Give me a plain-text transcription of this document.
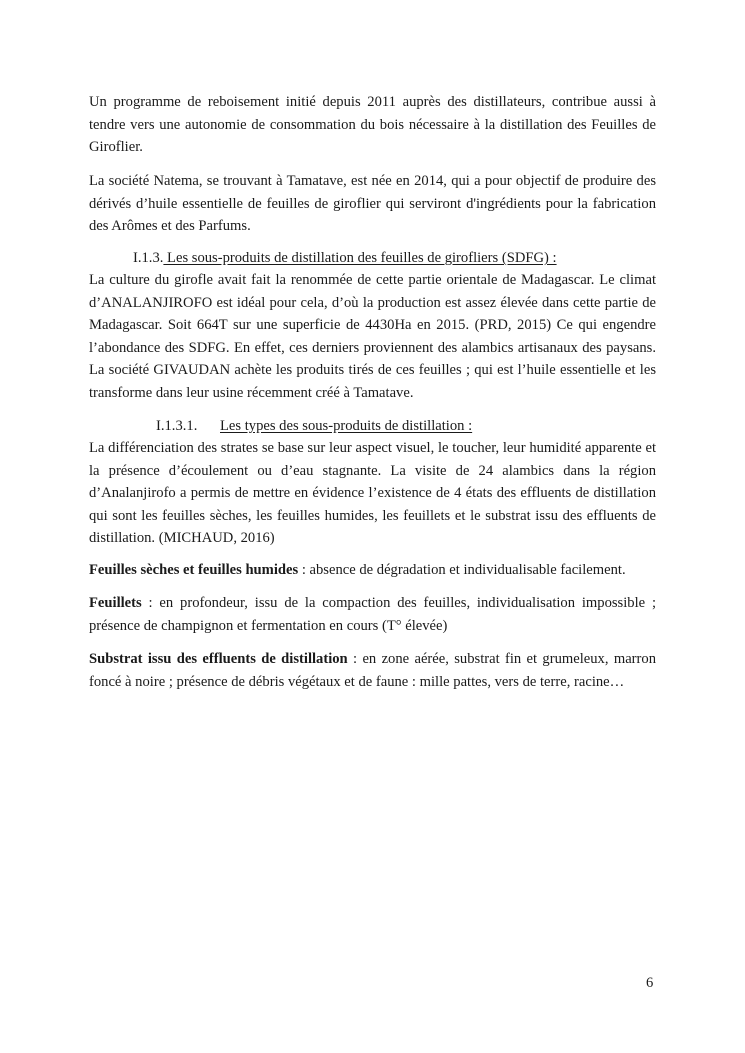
Un programme de reboisement initié depuis 2011 auprès des distillateurs, contribue aussi à tendre vers une autonomie de consommation du bois nécessaire à la distillation des Feuilles de Giroflier.

La société Natema, se trouvant à Tamatave, est née en 2014, qui a pour objectif de produire des dérivés d’huile essentielle de feuilles de giroflier qui serviront d'ingrédients pour la fabrication des Arômes et des Parfums.

I.1.3. Les sous-produits de distillation des feuilles de girofliers (SDFG) :

La culture du girofle avait fait la renommée de cette partie orientale de Madagascar. Le climat d’ANALANJIROFO est idéal pour cela, d’où la production est assez élevée dans cette partie de Madagascar. Soit 664T sur une superficie de 4430Ha en 2015. (PRD, 2015) Ce qui engendre l’abondance des SDFG. En effet, ces derniers proviennent des alambics artisanaux des paysans. La société GIVAUDAN achète les produits tirés de ces feuilles ; qui est l’huile essentielle et les transforme dans leur usine récemment créé à Tamatave.

I.1.3.1. Les types des sous-produits de distillation :

La différenciation des strates se base sur leur aspect visuel, le toucher, leur humidité apparente et la présence d’écoulement ou d’eau stagnante. La visite de 24 alambics dans la région d’Analanjirofo a permis de mettre en évidence l’existence de 4 états des effluents de distillation qui sont les feuilles sèches, les feuilles humides, les feuillets et le substrat issu des effluents de distillation. (MICHAUD, 2016)

Feuilles sèches et feuilles humides : absence de dégradation et individualisable facilement.

Feuillets : en profondeur, issu de la compaction des feuilles, individualisation impossible ; présence de champignon et fermentation en cours (T° élevée)

Substrat issu des effluents de distillation : en zone aérée, substrat fin et grumeleux, marron foncé à noire ; présence de débris végétaux et de faune : mille pattes, vers de terre, racine…

6
